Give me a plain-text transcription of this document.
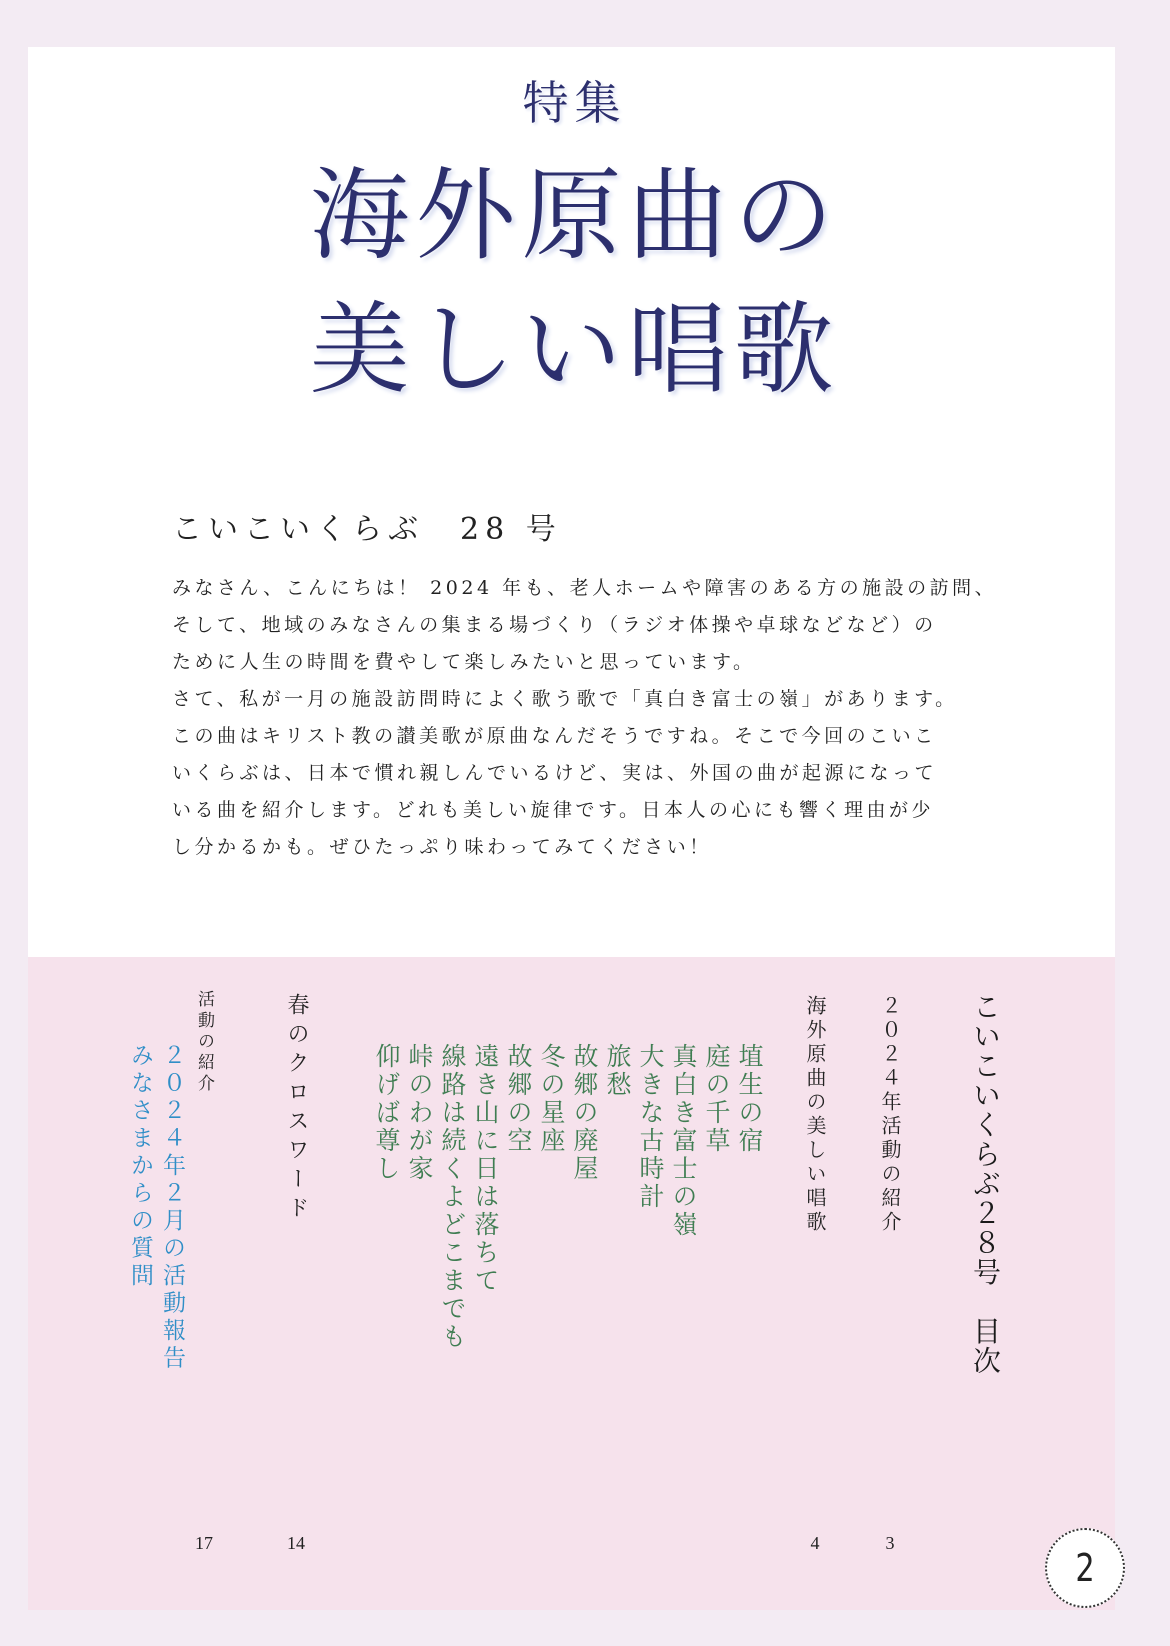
特集
海外原曲の
美しい唱歌
こいこいくらぶ　28 号
みなさん、こんにちは！ 2024 年も、老人ホームや障害のある方の施設の訪問、
そして、地域のみなさんの集まる場づくり（ラジオ体操や卓球などなど）の
ために人生の時間を費やして楽しみたいと思っています。
さて、私が一月の施設訪問時によく歌う歌で「真白き富士の嶺」があります。
この曲はキリスト教の讃美歌が原曲なんだそうですね。そこで今回のこいこ
いくらぶは、日本で慣れ親しんでいるけど、実は、外国の曲が起源になって
いる曲を紹介します。どれも美しい旋律です。日本人の心にも響く理由が少
し分かるかも。ぜひたっぷり味わってみてください！
こいこいくらぶ２８号　目次
２０２４年活動の紹介
3
海外原曲の美しい唱歌
埴生の宿
庭の千草
真白き富士の嶺
大きな古時計
旅愁
故郷の廃屋
冬の星座
故郷の空
遠き山に日は落ちて
線路は続くよどこまでも
峠のわが家
仰げば尊し
4
春のクロスワード
14
活動の紹介
２０２４年２月の活動報告
みなさまからの質問
17
2
